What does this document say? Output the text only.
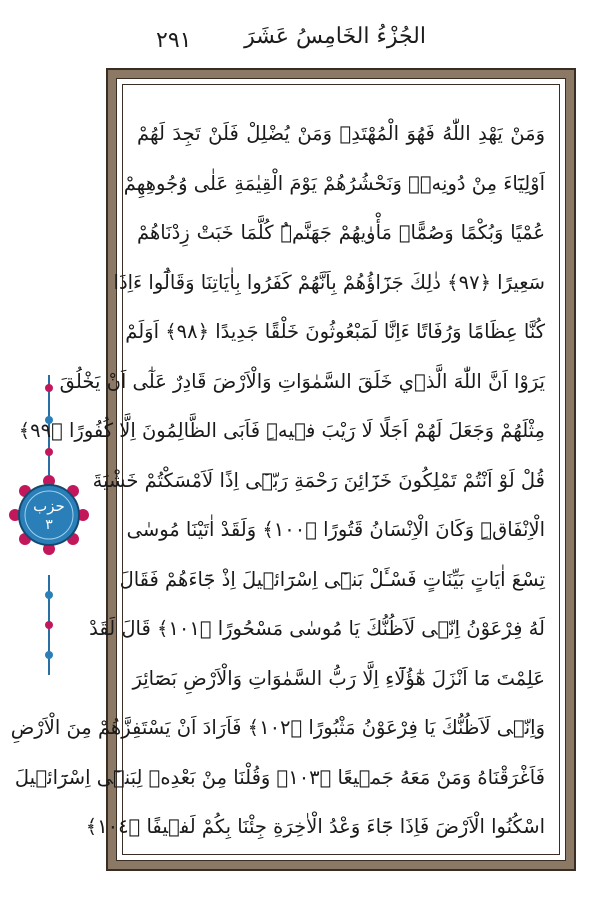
٢٩١ الجُزْءُ الخَامِسُ عَشَرَ
حزب
٣
وَمَنْ يَهْدِ اللّٰهُ فَهُوَ الْمُهْتَدِۚ وَمَنْ يُضْلِلْ فَلَنْ تَجِدَ لَهُمْ
اَوْلِيَٓاءَ مِنْ دُونِهٖۜ وَنَحْشُرُهُمْ يَوْمَ الْقِيٰمَةِ عَلٰى وُجُوهِهِمْ
عُمْيًا وَبُكْمًا وَصُمًّاۜ مَأْوٰيهُمْ جَهَنَّمُۜ كُلَّمَا خَبَتْ زِدْنَاهُمْ
سَعِيرًا ﴿٩٧﴾ ذٰلِكَ جَزَٓاؤُهُمْ بِاَنَّهُمْ كَفَرُوا بِاٰيَاتِنَا وَقَالُٓوا ءَاِذَا
كُنَّا عِظَامًا وَرُفَاتًا ءَاِنَّا لَمَبْعُوثُونَ خَلْقًا جَدِيدًا ﴿٩٨﴾ اَوَلَمْ
يَرَوْا اَنَّ اللّٰهَ الَّذٖي خَلَقَ السَّمٰوَاتِ وَالْاَرْضَ قَادِرٌ عَلٰٓى اَنْ يَخْلُقَ
مِثْلَهُمْ وَجَعَلَ لَهُمْ اَجَلًا لَا رَيْبَ فٖيهِۜ فَاَبَى الظَّالِمُونَ اِلَّا كُفُورًا ﴿٩٩﴾
قُلْ لَوْ اَنْتُمْ تَمْلِكُونَ خَزَٓائِنَ رَحْمَةِ رَبّٖٓى اِذًا لَاَمْسَكْتُمْ خَشْيَةَ
الْاِنْفَاقِۜ وَكَانَ الْاِنْسَانُ قَتُورًا ﴿١٠٠﴾ وَلَقَدْ اٰتَيْنَا مُوسٰى
تِسْعَ اٰيَاتٍ بَيِّنَاتٍ فَسْـَٔلْ بَنٖٓى اِسْرَٓائٖيلَ اِذْ جَٓاءَهُمْ فَقَالَ
لَهُ فِرْعَوْنُ اِنّٖى لَاَظُنُّكَ يَا مُوسٰى مَسْحُورًا ﴿١٠١﴾ قَالَ لَقَدْ
عَلِمْتَ مَٓا اَنْزَلَ هٰٓؤُلَٓاءِ اِلَّا رَبُّ السَّمٰوَاتِ وَالْاَرْضِ بَصَٓائِرَ
وَاِنّٖى لَاَظُنُّكَ يَا فِرْعَوْنُ مَثْبُورًا ﴿١٠٢﴾ فَاَرَادَ اَنْ يَسْتَفِزَّهُمْ مِنَ الْاَرْضِ
فَاَغْرَقْنَاهُ وَمَنْ مَعَهُ جَمٖيعًا ﴿١٠٣﴾ وَقُلْنَا مِنْ بَعْدِهٖ لِبَنٖٓى اِسْرَٓائٖيلَ
اسْكُنُوا الْاَرْضَ فَاِذَا جَٓاءَ وَعْدُ الْاٰخِرَةِ جِئْنَا بِكُمْ لَفٖيفًا ﴿١٠٤﴾
